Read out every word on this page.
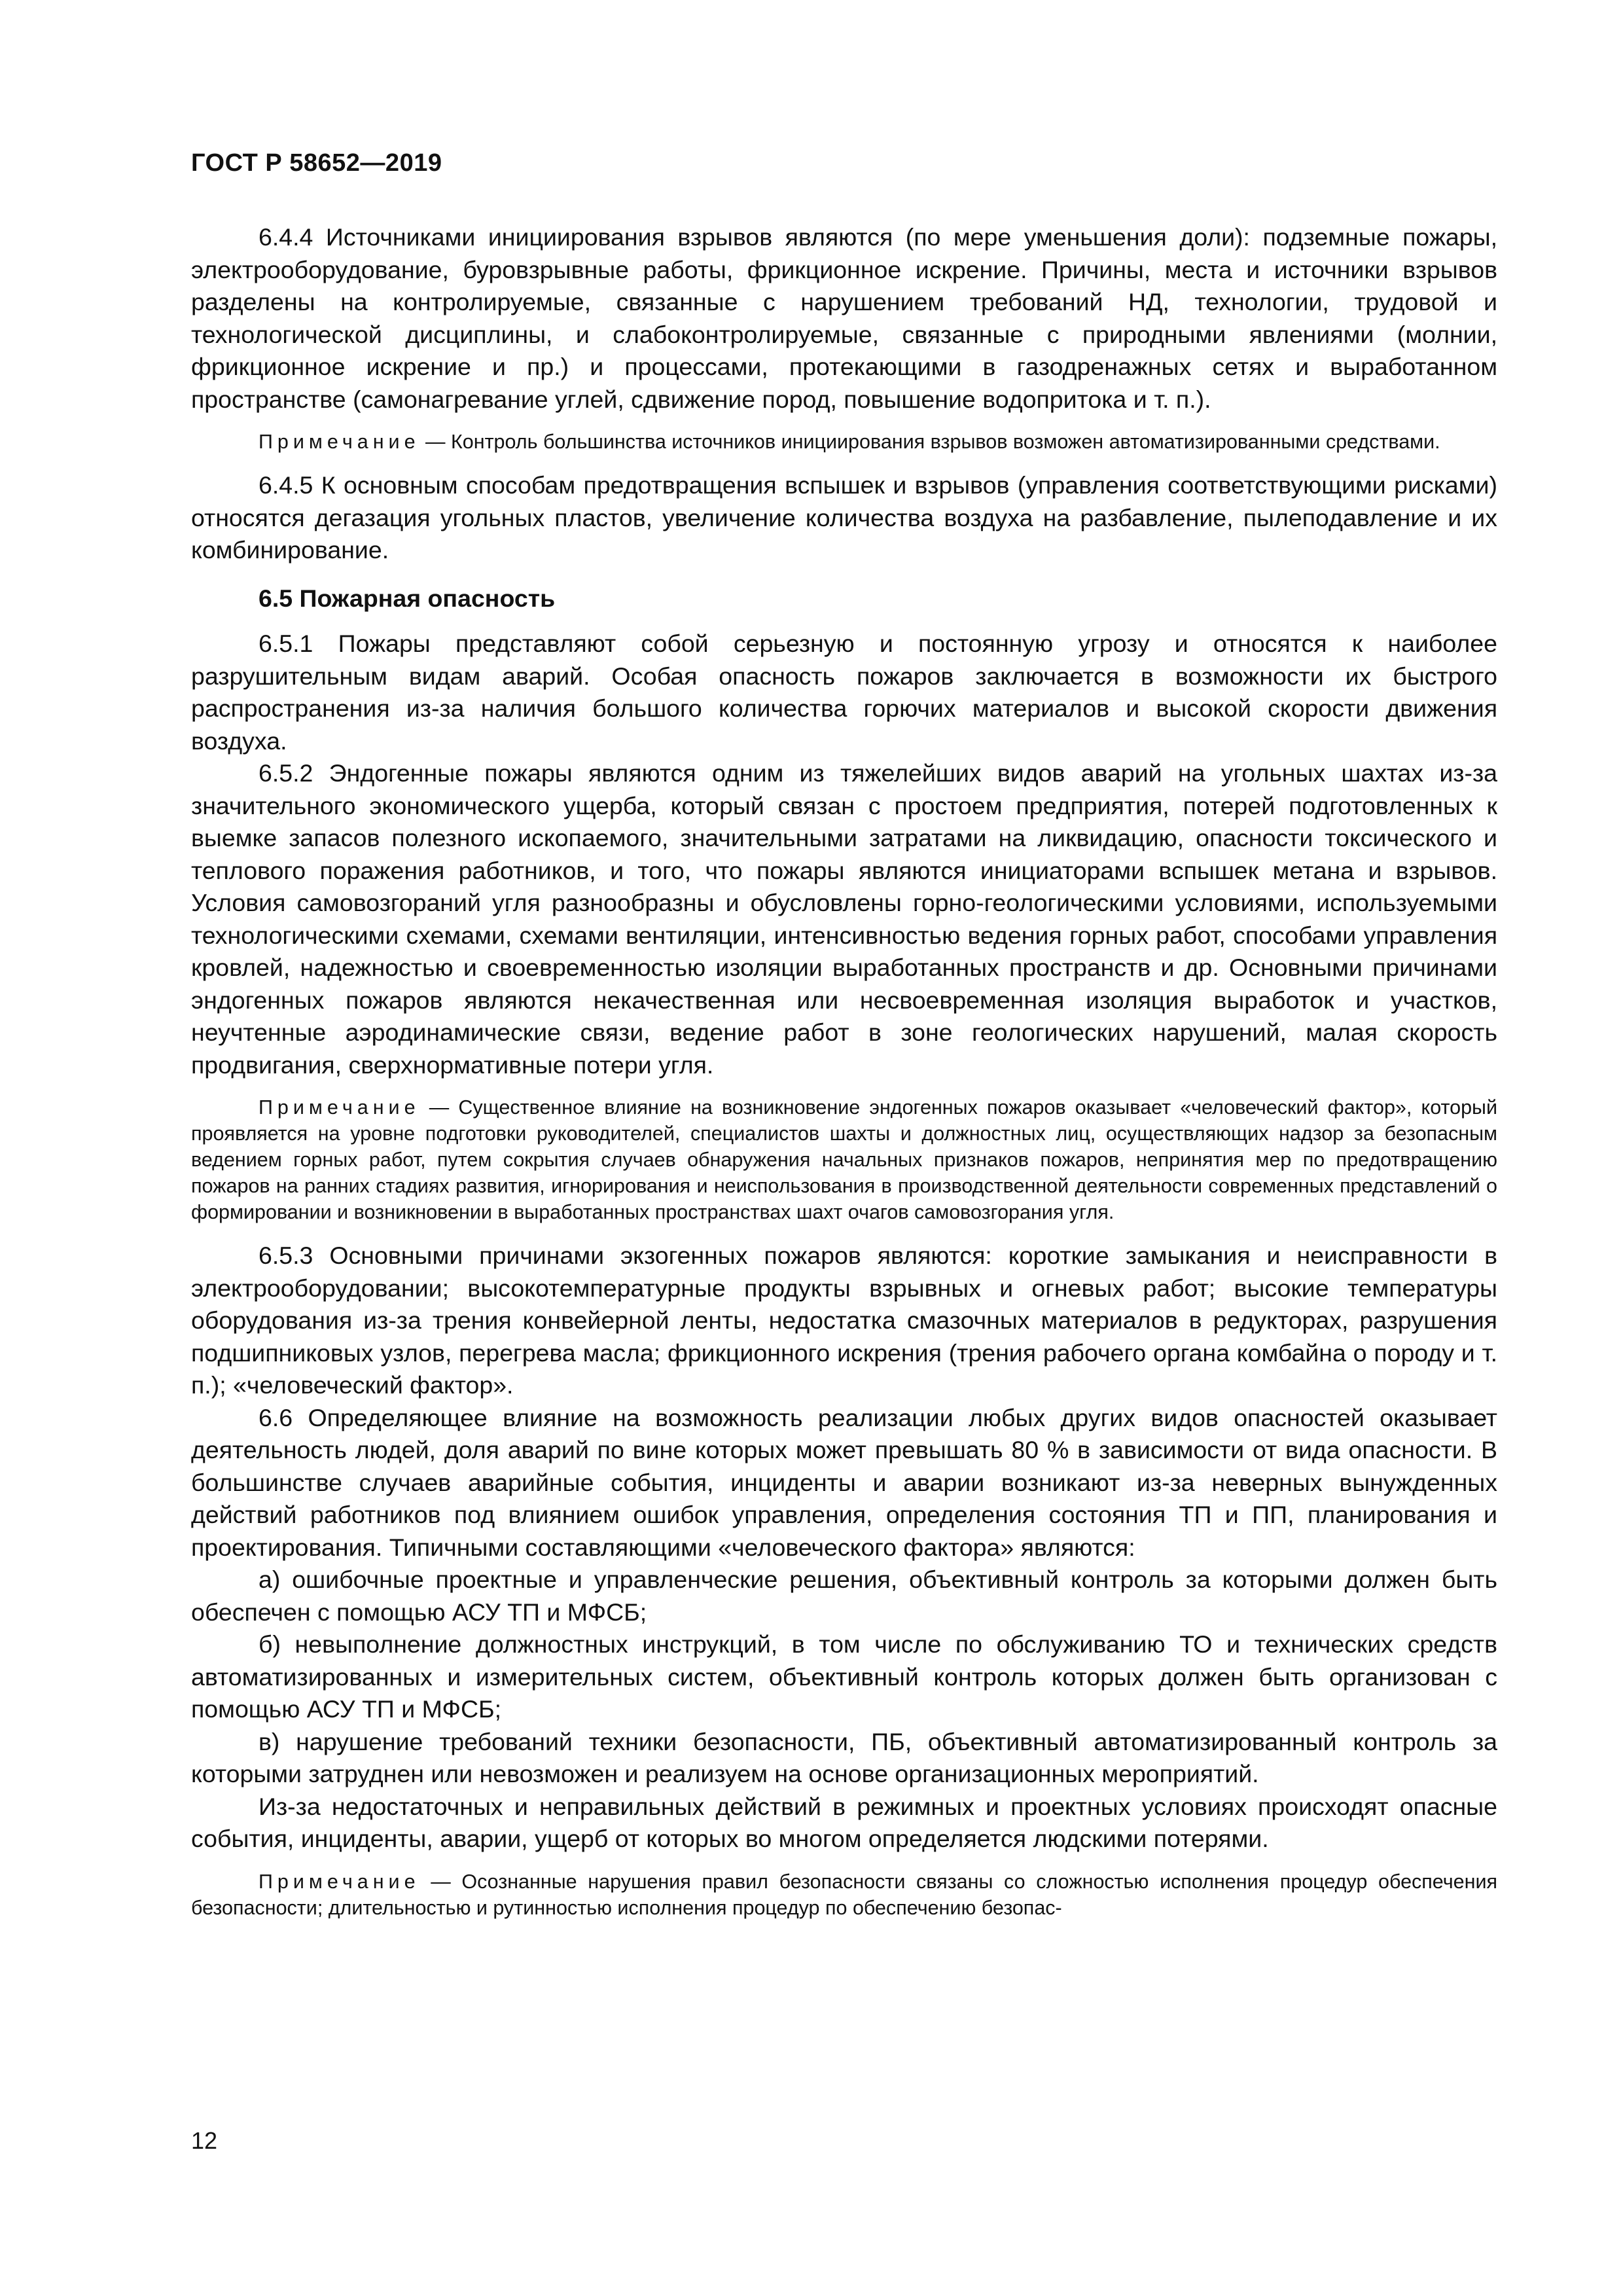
ГОСТ Р 58652—2019

6.4.4 Источниками инициирования взрывов являются (по мере уменьшения доли): подземные пожары, электрооборудование, буровзрывные работы, фрикционное искрение. Причины, места и источники взрывов разделены на контролируемые, связанные с нарушением требований НД, технологии, трудовой и технологической дисциплины, и слабоконтролируемые, связанные с природными явлениями (молнии, фрикционное искрение и пр.) и процессами, протекающими в газодренажных сетях и выработанном пространстве (самонагревание углей, сдвижение пород, повышение водопритока и т. п.).

Примечание — Контроль большинства источников инициирования взрывов возможен автоматизированными средствами.

6.4.5 К основным способам предотвращения вспышек и взрывов (управления соответствующими рисками) относятся дегазация угольных пластов, увеличение количества воздуха на разбавление, пылеподавление и их комбинирование.

6.5 Пожарная опасность

6.5.1 Пожары представляют собой серьезную и постоянную угрозу и относятся к наиболее разрушительным видам аварий. Особая опасность пожаров заключается в возможности их быстрого распространения из-за наличия большого количества горючих материалов и высокой скорости движения воздуха.

6.5.2 Эндогенные пожары являются одним из тяжелейших видов аварий на угольных шахтах из-за значительного экономического ущерба, который связан с простоем предприятия, потерей подготовленных к выемке запасов полезного ископаемого, значительными затратами на ликвидацию, опасности токсического и теплового поражения работников, и того, что пожары являются инициаторами вспышек метана и взрывов. Условия самовозгораний угля разнообразны и обусловлены горно-геологическими условиями, используемыми технологическими схемами, схемами вентиляции, интенсивностью ведения горных работ, способами управления кровлей, надежностью и своевременностью изоляции выработанных пространств и др. Основными причинами эндогенных пожаров являются некачественная или несвоевременная изоляция выработок и участков, неучтенные аэродинамические связи, ведение работ в зоне геологических нарушений, малая скорость продвигания, сверхнормативные потери угля.

Примечание — Существенное влияние на возникновение эндогенных пожаров оказывает «человеческий фактор», который проявляется на уровне подготовки руководителей, специалистов шахты и должностных лиц, осуществляющих надзор за безопасным ведением горных работ, путем сокрытия случаев обнаружения начальных признаков пожаров, непринятия мер по предотвращению пожаров на ранних стадиях развития, игнорирования и неиспользования в производственной деятельности современных представлений о формировании и возникновении в выработанных пространствах шахт очагов самовозгорания угля.

6.5.3 Основными причинами экзогенных пожаров являются: короткие замыкания и неисправности в электрооборудовании; высокотемпературные продукты взрывных и огневых работ; высокие температуры оборудования из-за трения конвейерной ленты, недостатка смазочных материалов в редукторах, разрушения подшипниковых узлов, перегрева масла; фрикционного искрения (трения рабочего органа комбайна о породу и т. п.); «человеческий фактор».

6.6 Определяющее влияние на возможность реализации любых других видов опасностей оказывает деятельность людей, доля аварий по вине которых может превышать 80 % в зависимости от вида опасности. В большинстве случаев аварийные события, инциденты и аварии возникают из-за неверных вынужденных действий работников под влиянием ошибок управления, определения состояния ТП и ПП, планирования и проектирования. Типичными составляющими «человеческого фактора» являются:

а) ошибочные проектные и управленческие решения, объективный контроль за которыми должен быть обеспечен с помощью АСУ ТП и МФСБ;

б) невыполнение должностных инструкций, в том числе по обслуживанию ТО и технических средств автоматизированных и измерительных систем, объективный контроль которых должен быть организован с помощью АСУ ТП и МФСБ;

в) нарушение требований техники безопасности, ПБ, объективный автоматизированный контроль за которыми затруднен или невозможен и реализуем на основе организационных мероприятий.

Из-за недостаточных и неправильных действий в режимных и проектных условиях происходят опасные события, инциденты, аварии, ущерб от которых во многом определяется людскими потерями.

Примечание — Осознанные нарушения правил безопасности связаны со сложностью исполнения процедур обеспечения безопасности; длительностью и рутинностью исполнения процедур по обеспечению безопас-

12
